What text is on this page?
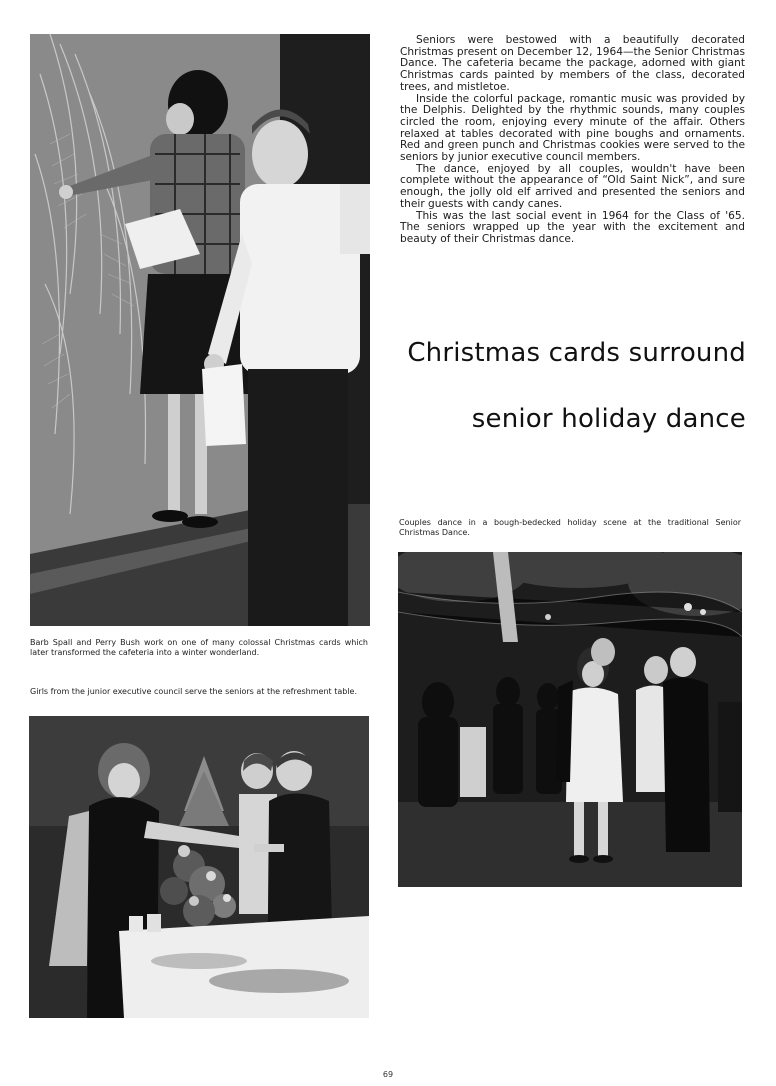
Barb Spall and Perry Bush work on one of many colossal Christmas cards which later transformed the cafeteria into a winter wonderland.
Girls from the junior executive council serve the seniors at the refreshment table.

Seniors were bestowed with a beautifully decorated Christmas present on December 12, 1964—the Senior Christmas Dance. The cafeteria became the package, adorned with giant Christmas cards painted by members of the class, decorated trees, and mistletoe.

Inside the colorful package, romantic music was provided by the Delphis. Delighted by the rhythmic sounds, many couples circled the room, enjoying every minute of the affair. Others relaxed at tables decorated with pine boughs and ornaments. Red and green punch and Christmas cookies were served to the seniors by junior executive council members.

The dance, enjoyed by all couples, wouldn't have been complete without the appearance of “Old Saint Nick”, and sure enough, the jolly old elf arrived and presented the seniors and their guests with candy canes.

This was the last social event in 1964 for the Class of '65. The seniors wrapped up the year with the excitement and beauty of their Christmas dance.

Christmas cards surround
senior holiday dance
Couples dance in a bough-bedecked holiday scene at the traditional Senior Christmas Dance.
69
